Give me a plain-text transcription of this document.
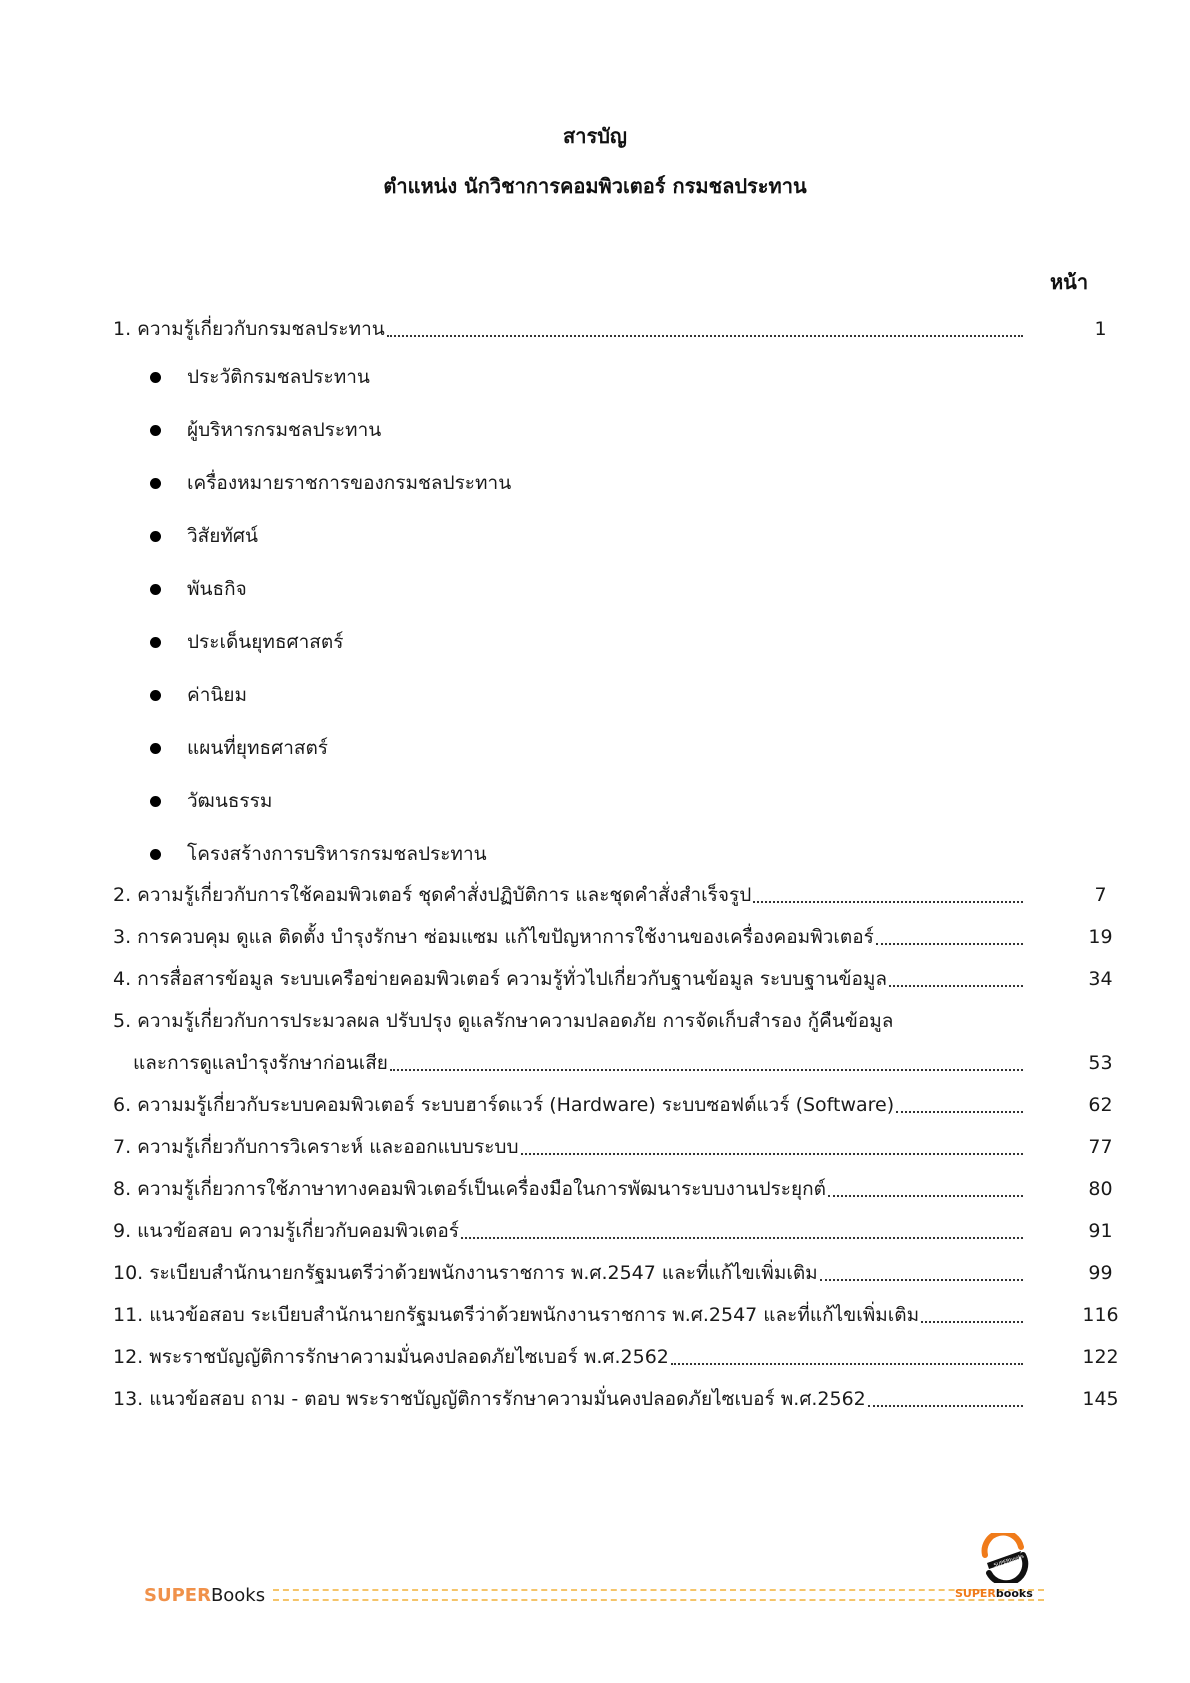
สารบัญ
ตำแหน่ง นักวิชาการคอมพิวเตอร์ กรมชลประทาน
หน้า
1. ความรู้เกี่ยวกับกรมชลประทาน	1
ประวัติกรมชลประทาน
ผู้บริหารกรมชลประทาน
เครื่องหมายราชการของกรมชลประทาน
วิสัยทัศน์
พันธกิจ
ประเด็นยุทธศาสตร์
ค่านิยม
แผนที่ยุทธศาสตร์
วัฒนธรรม
โครงสร้างการบริหารกรมชลประทาน
2. ความรู้เกี่ยวกับการใช้คอมพิวเตอร์ ชุดคำสั่งปฏิบัติการ และชุดคำสั่งสำเร็จรูป	7
3. การควบคุม ดูแล ติดตั้ง บำรุงรักษา ซ่อมแซม แก้ไขปัญหาการใช้งานของเครื่องคอมพิวเตอร์	19
4. การสื่อสารข้อมูล ระบบเครือข่ายคอมพิวเตอร์ ความรู้ทั่วไปเกี่ยวกับฐานข้อมูล ระบบฐานข้อมูล	34
5. ความรู้เกี่ยวกับการประมวลผล ปรับปรุง ดูแลรักษาความปลอดภัย การจัดเก็บสำรอง กู้คืนข้อมูล
และการดูแลบำรุงรักษาก่อนเสีย	53
6. ความมรู้เกี่ยวกับระบบคอมพิวเตอร์ ระบบฮาร์ดแวร์ (Hardware) ระบบซอฟต์แวร์ (Software)	62
7. ความรู้เกี่ยวกับการวิเคราะห์ และออกแบบระบบ	77
8. ความรู้เกี่ยวการใช้ภาษาทางคอมพิวเตอร์เป็นเครื่องมือในการพัฒนาระบบงานประยุกต์	80
9. แนวข้อสอบ ความรู้เกี่ยวกับคอมพิวเตอร์	91
10. ระเบียบสำนักนายกรัฐมนตรีว่าด้วยพนักงานราชการ พ.ศ.2547 และที่แก้ไขเพิ่มเติม	99
11. แนวข้อสอบ ระเบียบสำนักนายกรัฐมนตรีว่าด้วยพนักงานราชการ พ.ศ.2547 และที่แก้ไขเพิ่มเติม	116
12. พระราชบัญญัติการรักษาความมั่นคงปลอดภัยไซเบอร์ พ.ศ.2562	122
13. แนวข้อสอบ ถาม - ตอบ พระราชบัญญัติการรักษาความมั่นคงปลอดภัยไซเบอร์ พ.ศ.2562	145
SUPER Books
SUPERbooks
SUPERbooks
